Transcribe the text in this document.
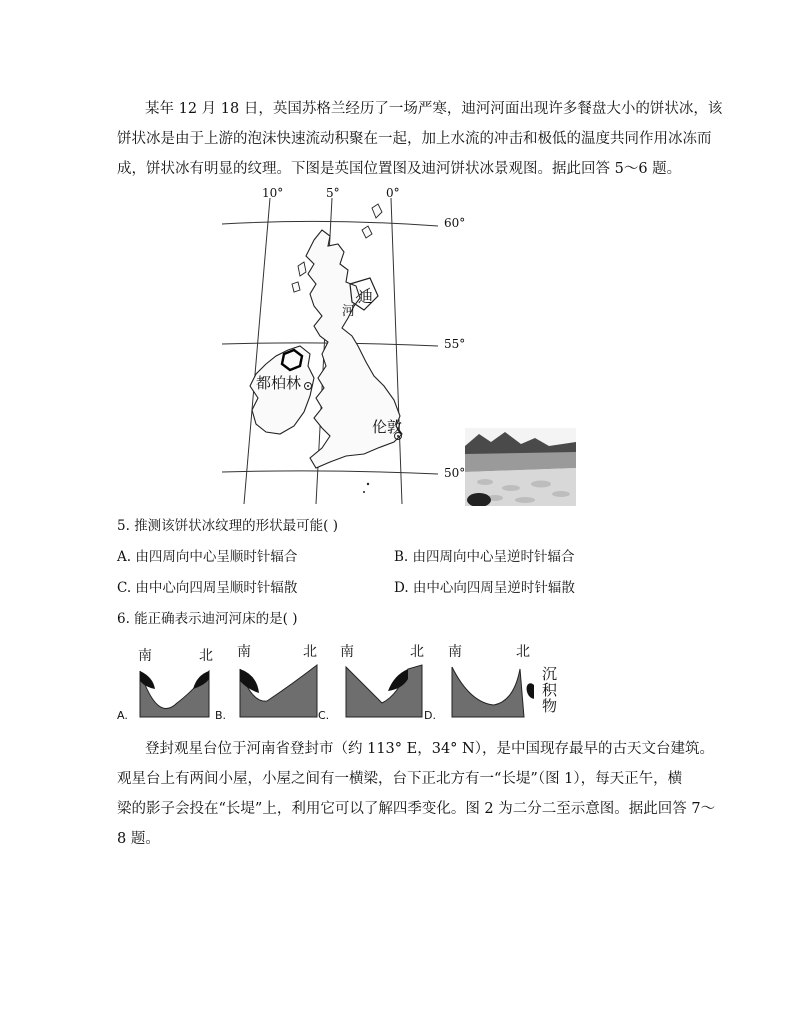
某年 12 月 18 日，英国苏格兰经历了一场严寒，迪河河面出现许多餐盘大小的饼状冰，该
饼状冰是由于上游的泡沫快速流动积聚在一起，加上水流的冲击和极低的温度共同作用冰冻而
成，饼状冰有明显的纹理。下图是英国位置图及迪河饼状冰景观图。据此回答 5～6 题。
10°	5°	0°
60°
55°
50°
迪
河
都柏林
伦敦
5. 推测该饼状冰纹理的形状最可能( )
A. 由四周向中心呈顺时针辐合	B. 由四周向中心呈逆时针辐合
C. 由中心向四周呈顺时针辐散	D. 由中心向四周呈逆时针辐散
6. 能正确表示迪河河床的是( )
南	北
A.
南	北
B.
南	北
C.
南	北
D.
沉
积
物
登封观星台位于河南省登封市（约 113° E，34° N），是中国现存最早的古天文台建筑。
观星台上有两间小屋，小屋之间有一横梁，台下正北方有一“长堤”（图 1），每天正午，横
梁的影子会投在“长堤”上，利用它可以了解四季变化。图 2 为二分二至示意图。据此回答 7～
8 题。
